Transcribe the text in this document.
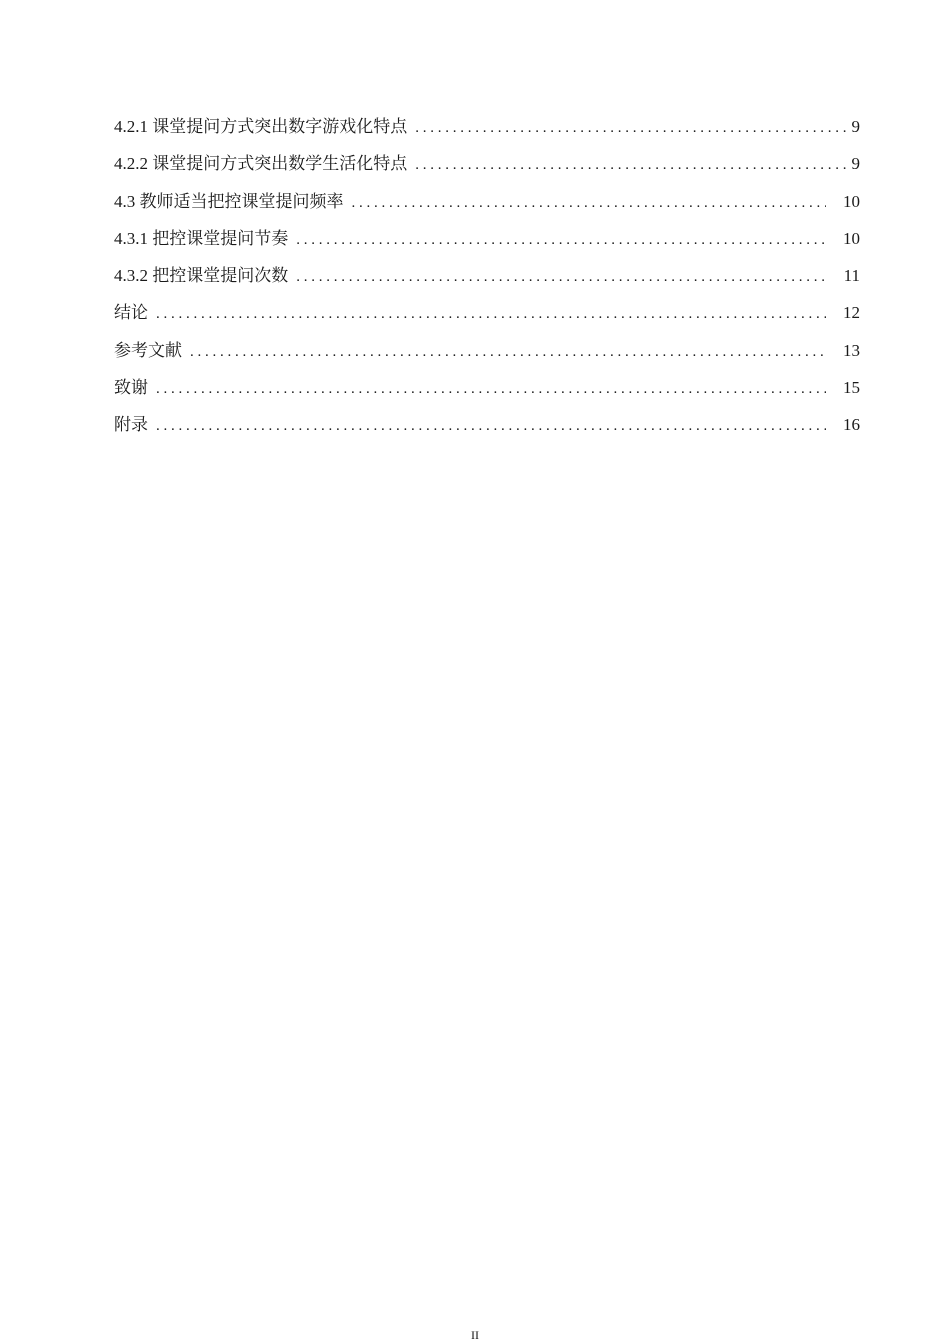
4.2.1 课堂提问方式突出数字游戏化特点 . . .	9
4.2.2 课堂提问方式突出数学生活化特点 . . .	9
4.3 教师适当把控课堂提问频率 . . .	10
4.3.1 把控课堂提问节奏 . . .	10
4.3.2 把控课堂提问次数 . . .	11
结论 . . .	12
参考文献 . . .	13
致谢 . . .	15
附录 . . .	16
II
